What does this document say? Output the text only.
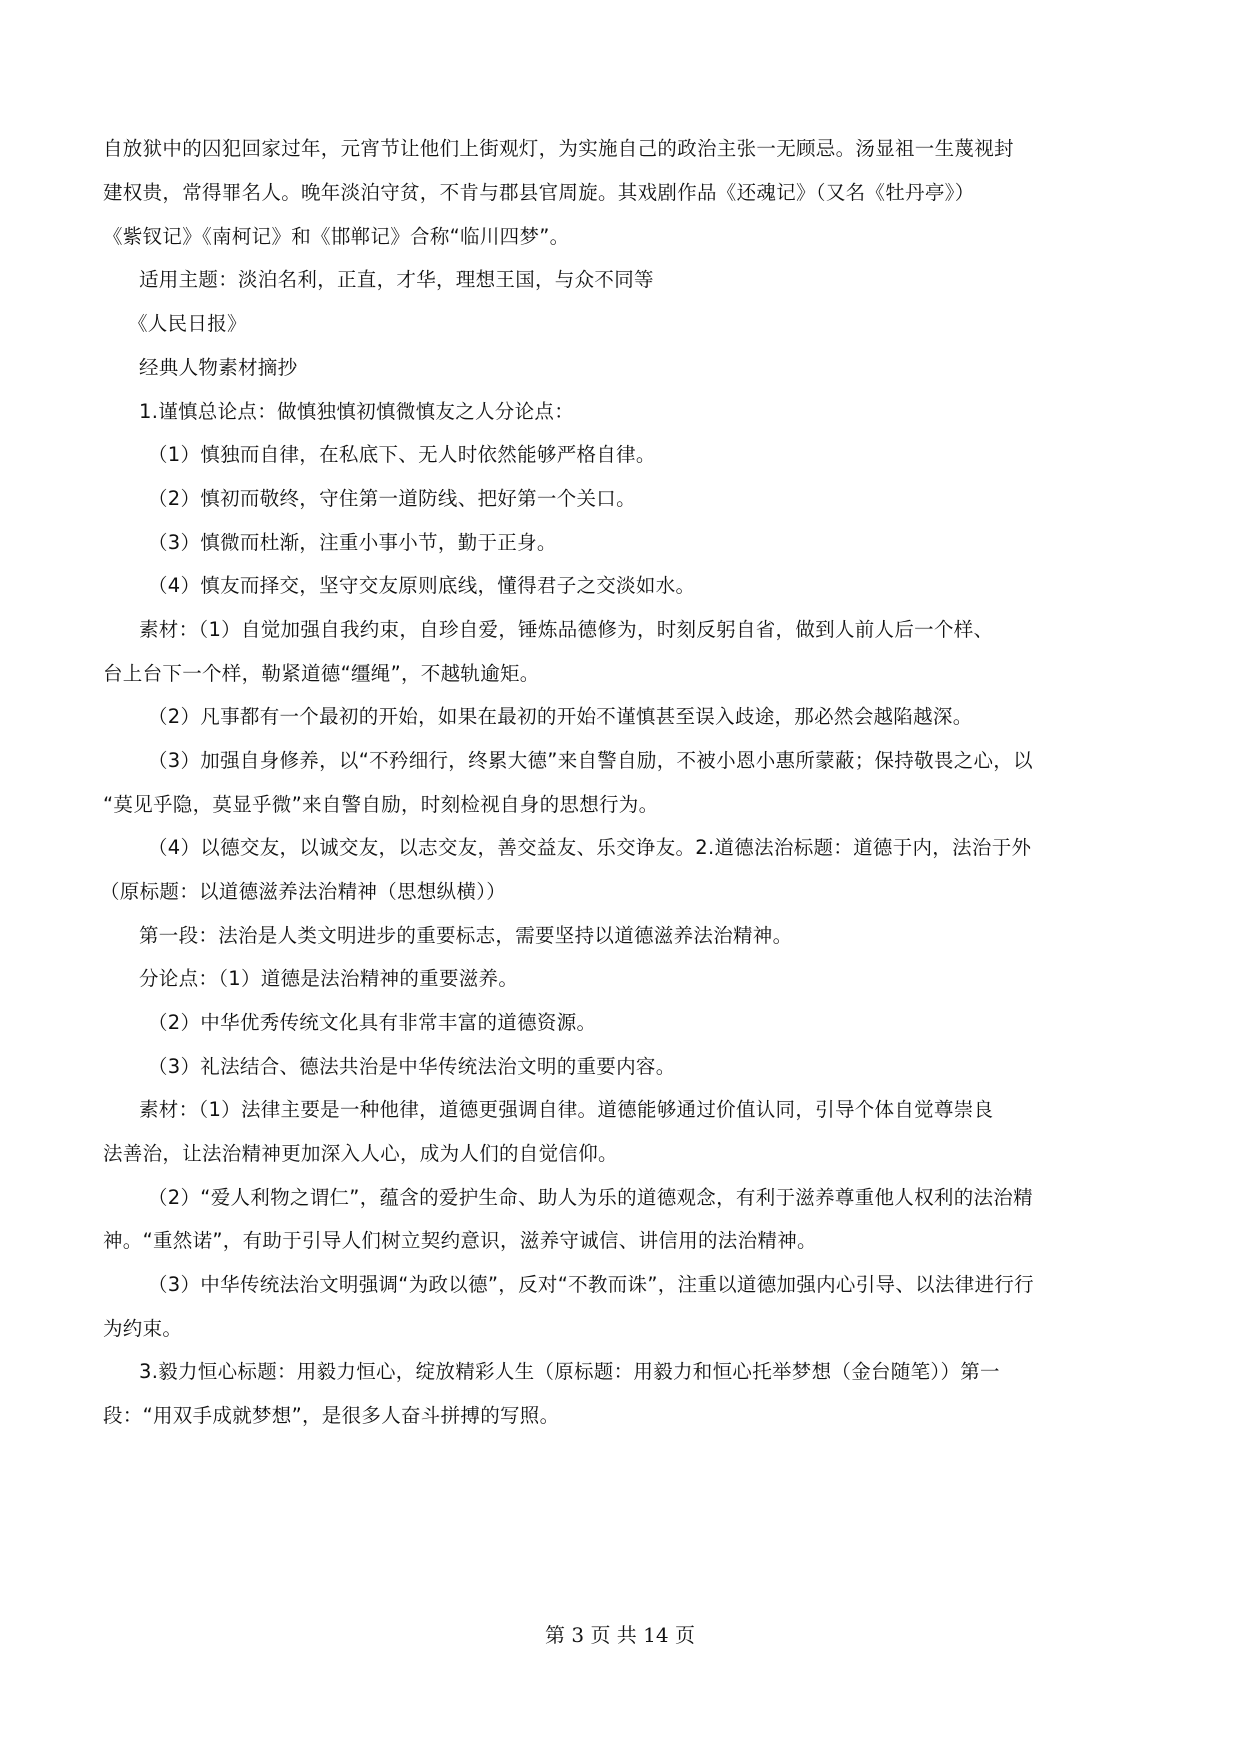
自放狱中的囚犯回家过年，元宵节让他们上街观灯，为实施自己的政治主张一无顾忌。汤显祖一生蔑视封
建权贵，常得罪名人。晚年淡泊守贫，不肯与郡县官周旋。其戏剧作品《还魂记》（又名《牡丹亭》）
《紫钗记》《南柯记》和《邯郸记》合称“临川四梦”。
适用主题：淡泊名利，正直，才华，理想王国，与众不同等
《人民日报》
经典人物素材摘抄
1.谨慎总论点：做慎独慎初慎微慎友之人分论点：
（1）慎独而自律，在私底下、无人时依然能够严格自律。
（2）慎初而敬终，守住第一道防线、把好第一个关口。
（3）慎微而杜渐，注重小事小节，勤于正身。
（4）慎友而择交，坚守交友原则底线，懂得君子之交淡如水。
素材：（1）自觉加强自我约束，自珍自爱，锤炼品德修为，时刻反躬自省，做到人前人后一个样、
台上台下一个样，勒紧道德“缰绳”，不越轨逾矩。
（2）凡事都有一个最初的开始，如果在最初的开始不谨慎甚至误入歧途，那必然会越陷越深。
（3）加强自身修养，以“不矜细行，终累大德”来自警自励，不被小恩小惠所蒙蔽；保持敬畏之心，以
“莫见乎隐，莫显乎微”来自警自励，时刻检视自身的思想行为。
（4）以德交友，以诚交友，以志交友，善交益友、乐交诤友。2.道德法治标题：道德于内，法治于外
（原标题：以道德滋养法治精神（思想纵横））
第一段：法治是人类文明进步的重要标志，需要坚持以道德滋养法治精神。
分论点：（1）道德是法治精神的重要滋养。
（2）中华优秀传统文化具有非常丰富的道德资源。
（3）礼法结合、德法共治是中华传统法治文明的重要内容。
素材：（1）法律主要是一种他律，道德更强调自律。道德能够通过价值认同，引导个体自觉尊崇良
法善治，让法治精神更加深入人心，成为人们的自觉信仰。
（2）“爱人利物之谓仁”，蕴含的爱护生命、助人为乐的道德观念，有利于滋养尊重他人权利的法治精
神。“重然诺”，有助于引导人们树立契约意识，滋养守诚信、讲信用的法治精神。
（3）中华传统法治文明强调“为政以德”，反对“不教而诛”，注重以道德加强内心引导、以法律进行行
为约束。
3.毅力恒心标题：用毅力恒心，绽放精彩人生（原标题：用毅力和恒心托举梦想（金台随笔））第一
段：“用双手成就梦想”，是很多人奋斗拼搏的写照。
第 3 页 共 14 页
